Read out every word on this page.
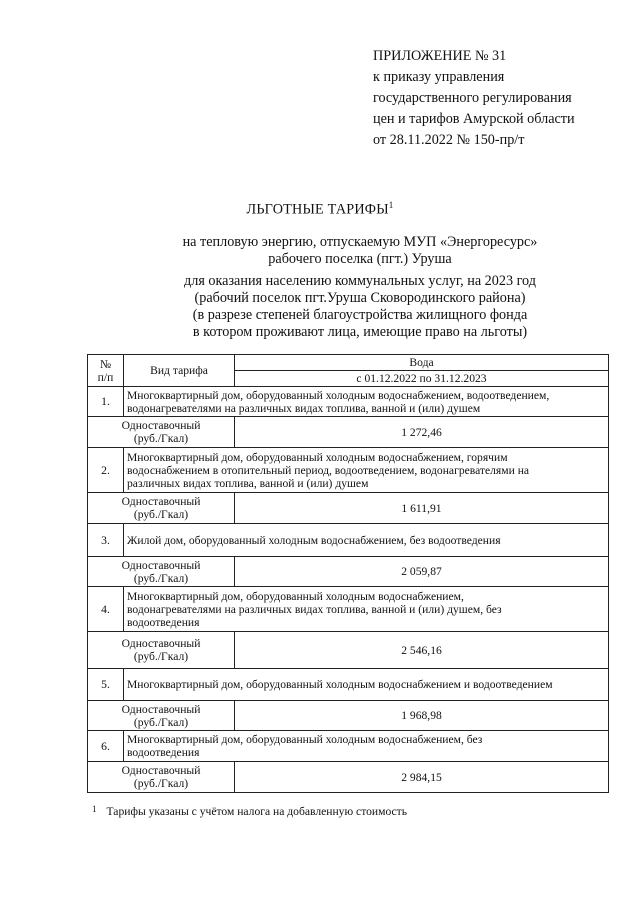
ПРИЛОЖЕНИЕ № 31
к приказу управления
государственного регулирования
цен и тарифов Амурской области
от 28.11.2022 № 150-пр/т
ЛЬГОТНЫЕ ТАРИФЫ$^1$
на тепловую энергию, отпускаемую МУП «Энергоресурс»
рабочего поселка (пгт.) Уруша
для оказания населению коммунальных услуг, на 2023 год
(рабочий поселок пгт.Уруша Сковородинского района)
(в разрезе степеней благоустройства жилищного фонда
в котором проживают лица, имеющие право на льготы)
№
п/п	Вид тарифа	Вода
		с 01.12.2022 по 31.12.2023
1.	Многоквартирный дом, оборудованный холодным водоснабжением, водоотведением,
водонагревателями на различных видах топлива, ванной и (или) душем	

Одноставочный
(руб./Гкал)		1 272,46
2.	Многоквартирный дом, оборудованный холодным водоснабжением, горячим
водоснабжением в отопительный период, водоотведением, водонагревателями на
различных видах топлива, ванной и (или) душем	

Одноставочный
(руб./Гкал)		1 611,91
3.	Жилой дом, оборудованный холодным водоснабжением, без водоотведения	

Одноставочный
(руб./Гкал)		2 059,87
4.	Многоквартирный дом, оборудованный холодным водоснабжением,
водонагревателями на различных видах топлива, ванной и (или) душем, без
водоотведения	

Одноставочный
(руб./Гкал)		2 546,16
5.	Многоквартирный дом, оборудованный холодным водоснабжением и водоотведением	

Одноставочный
(руб./Гкал)		1 968,98
6.	Многоквартирный дом, оборудованный холодным водоснабжением, без
водоотведения	

Одноставочный
(руб./Гкал)		2 984,15
$^1$ Тарифы указаны с учётом налога на добавленную стоимость
